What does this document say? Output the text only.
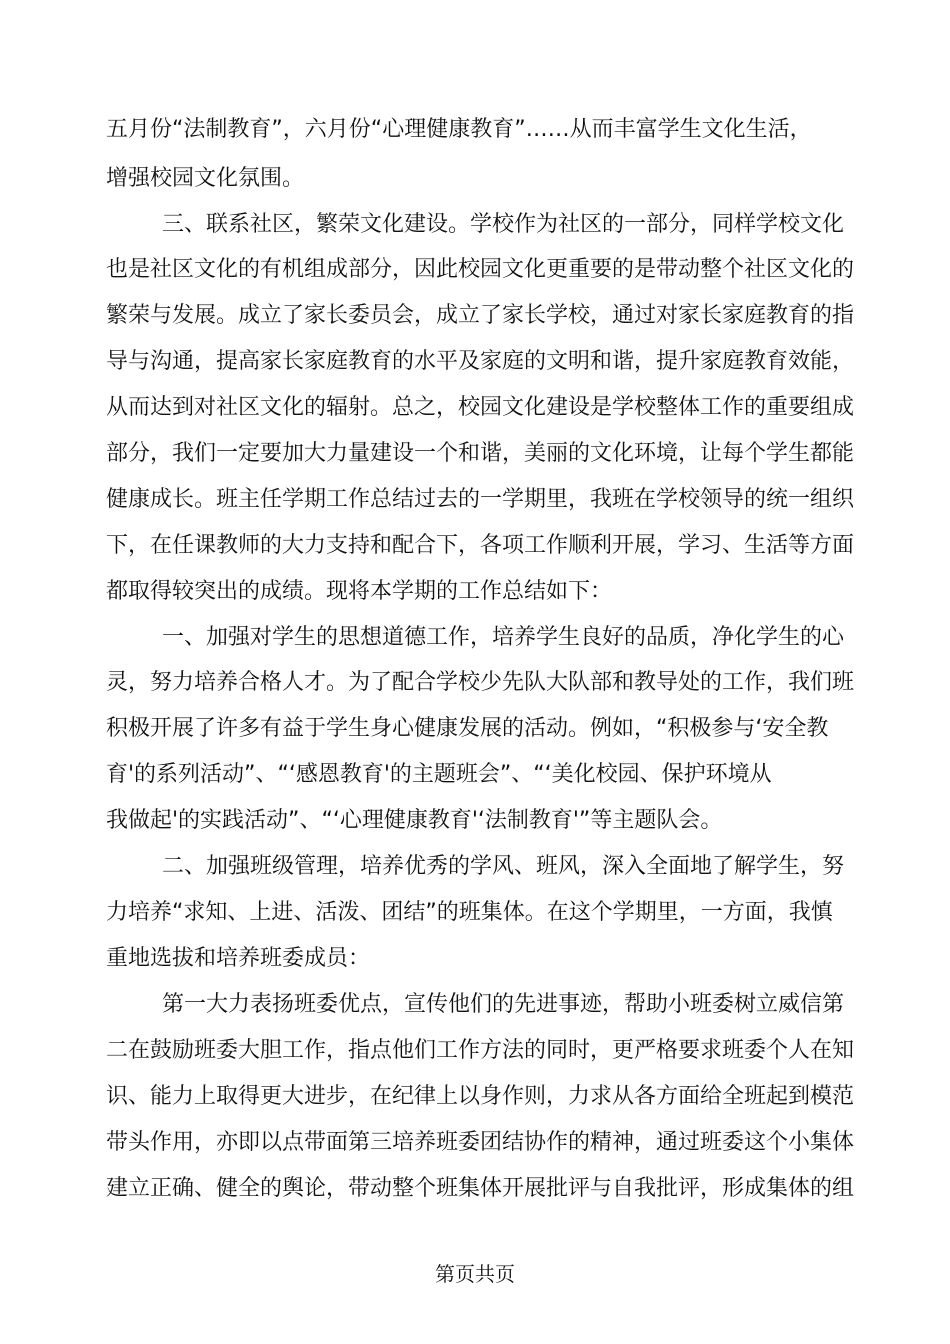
五月份“法制教育”，六月份“心理健康教育”……从而丰富学生文化生活，
增强校园文化氛围。
三、联系社区，繁荣文化建设。学校作为社区的一部分，同样学校文化
也是社区文化的有机组成部分，因此校园文化更重要的是带动整个社区文化的
繁荣与发展。成立了家长委员会，成立了家长学校，通过对家长家庭教育的指
导与沟通，提高家长家庭教育的水平及家庭的文明和谐，提升家庭教育效能，
从而达到对社区文化的辐射。总之，校园文化建设是学校整体工作的重要组成
部分，我们一定要加大力量建设一个和谐，美丽的文化环境，让每个学生都能
健康成长。班主任学期工作总结过去的一学期里，我班在学校领导的统一组织
下，在任课教师的大力支持和配合下，各项工作顺利开展，学习、生活等方面
都取得较突出的成绩。现将本学期的工作总结如下：
一、加强对学生的思想道德工作，培养学生良好的品质，净化学生的心
灵，努力培养合格人才。为了配合学校少先队大队部和教导处的工作，我们班
积极开展了许多有益于学生身心健康发展的活动。例如，“积极参与‘安全教
育'的系列活动”、“‘感恩教育'的主题班会”、“‘美化校园、保护环境从
我做起'的实践活动”、“‘心理健康教育'‘法制教育'”等主题队会。
二、加强班级管理，培养优秀的学风、班风，深入全面地了解学生，努
力培养“求知、上进、活泼、团结”的班集体。在这个学期里，一方面，我慎
重地选拔和培养班委成员：
第一大力表扬班委优点，宣传他们的先进事迹，帮助小班委树立威信第
二在鼓励班委大胆工作，指点他们工作方法的同时，更严格要求班委个人在知
识、能力上取得更大进步，在纪律上以身作则，力求从各方面给全班起到模范
带头作用，亦即以点带面第三培养班委团结协作的精神，通过班委这个小集体
建立正确、健全的舆论，带动整个班集体开展批评与自我批评，形成集体的组
第页共页
